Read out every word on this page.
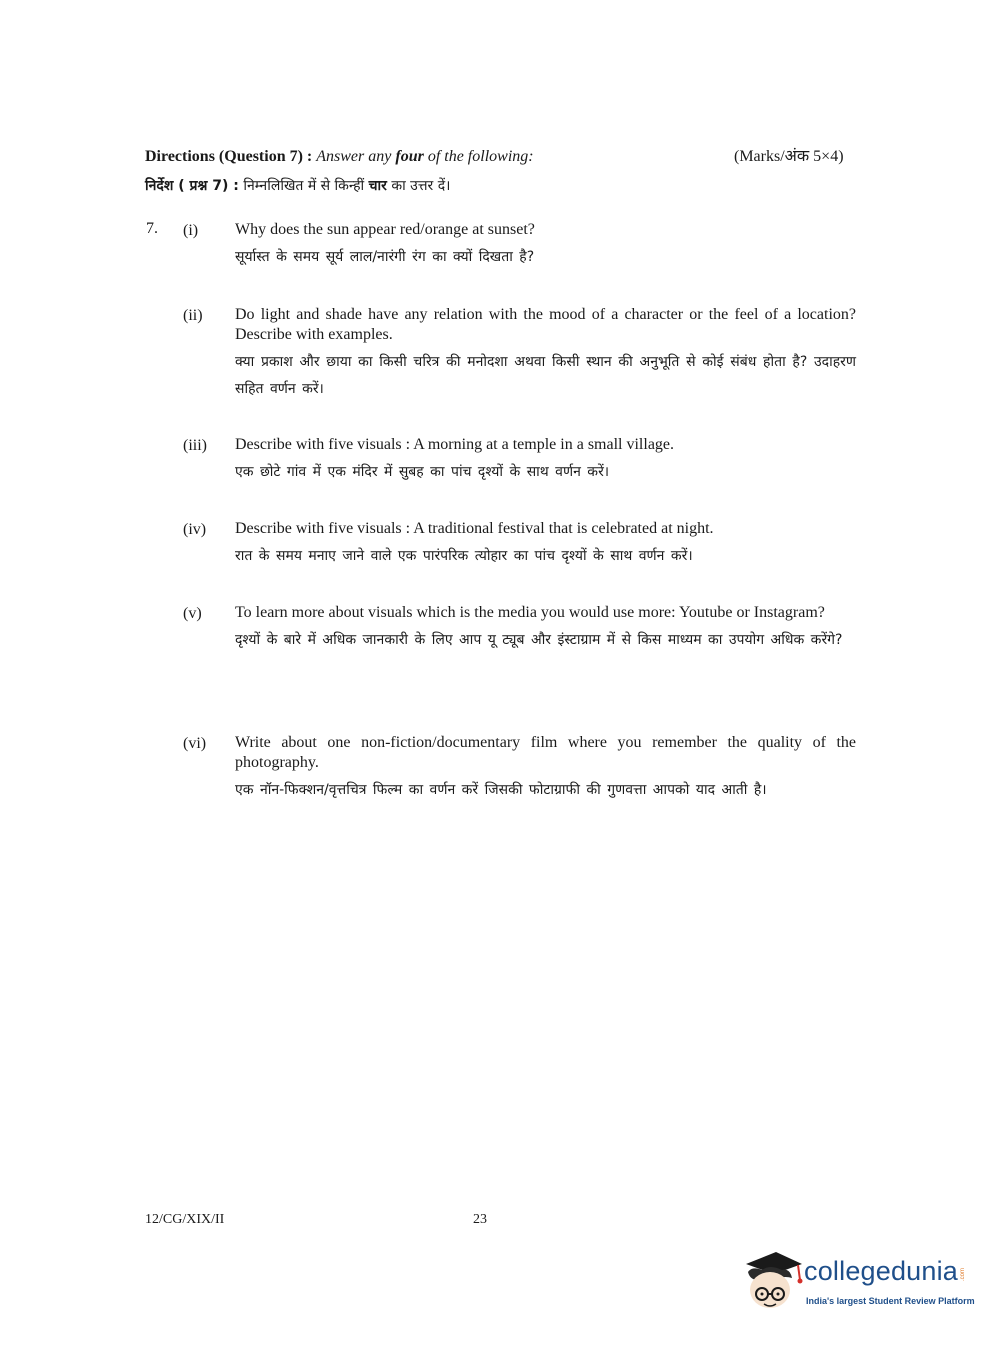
Directions (Question 7) : Answer any four of the following:	(Marks/अंक 5×4)
निर्देश ( प्रश्न 7) : निम्नलिखित में से किन्हीं चार का उत्तर दें।
7. (i) Why does the sun appear red/orange at sunset?

सूर्यास्त के समय सूर्य लाल/नारंगी रंग का क्यों दिखता है?

(ii) Do light and shade have any relation with the mood of a character or the feel of a location? Describe with examples.

क्या प्रकाश और छाया का किसी चरित्र की मनोदशा अथवा किसी स्थान की अनुभूति से कोई संबंध होता है? उदाहरण सहित वर्णन करें।

(iii) Describe with five visuals : A morning at a temple in a small village.

एक छोटे गांव में एक मंदिर में सुबह का पांच दृश्यों के साथ वर्णन करें।

(iv) Describe with five visuals : A traditional festival that is celebrated at night.

रात के समय मनाए जाने वाले एक पारंपरिक त्योहार का पांच दृश्यों के साथ वर्णन करें।

(v) To learn more about visuals which is the media you would use more: Youtube or Instagram?

दृश्यों के बारे में अधिक जानकारी के लिए आप यू ट्यूब और इंस्टाग्राम में से किस माध्यम का उपयोग अधिक करेंगे?

(vi) Write about one non-fiction/documentary film where you remember the quality of the photography.

एक नॉन-फिक्शन/वृत्तचित्र फिल्म का वर्णन करें जिसकी फोटाग्राफी की गुणवत्ता आपको याद आती है।

12/CG/XIX/II	23
collegedunia .com
India's largest Student Review Platform
